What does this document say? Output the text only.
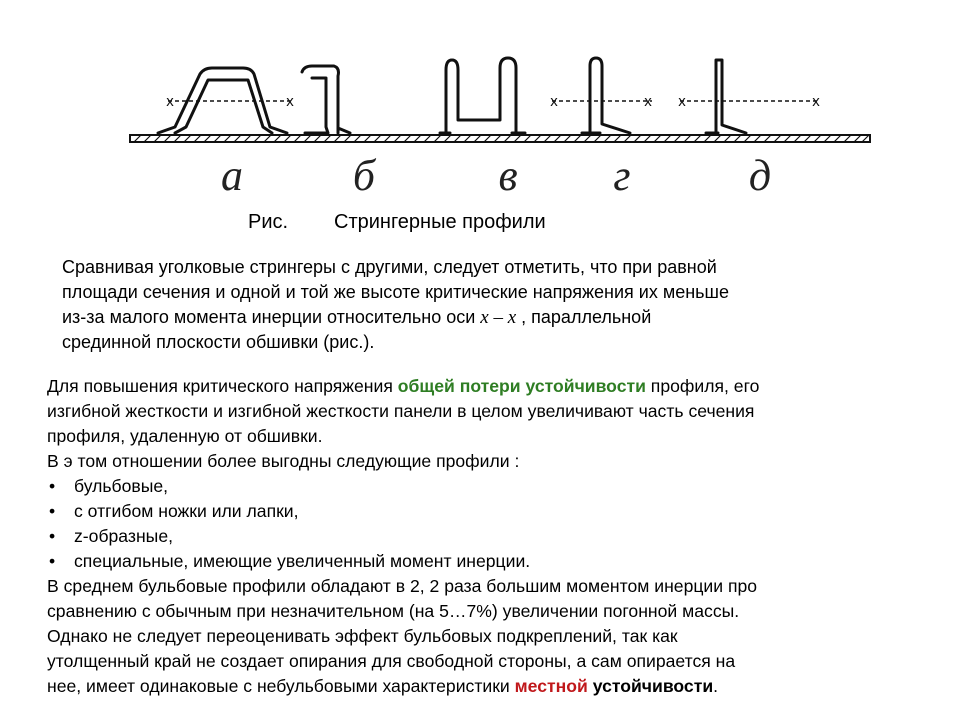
x	x	x	x x	x
а б	в г	д
Рис. Стрингерные профили
Сравнивая уголковые стрингеры с другими, следует отметить, что при равной
площади сечения и одной и той же высоте критические напряжения их меньше
из-за малого момента инерции относительно оси x – x , параллельной
срединной плоскости обшивки (рис.).
Для повышения критического напряжения общей потери устойчивости профиля, его
изгибной жесткости и изгибной жесткости панели в целом увеличивают часть сечения
профиля, удаленную от обшивки.
В э том отношении более выгодны следующие профили :
• бульбовые,
• с отгибом ножки или лапки,
• z-образные,
• специальные, имеющие увеличенный момент инерции.
В среднем бульбовые профили обладают в 2, 2 раза большим моментом инерции про
сравнению с обычным при незначительном (на 5…7%) увеличении погонной массы.
Однако не следует переоценивать эффект бульбовых подкреплений, так как
утолщенный край не создает опирания для свободной стороны, а сам опирается на
нее, имеет одинаковые с небульбовыми характеристики местной устойчивости.
